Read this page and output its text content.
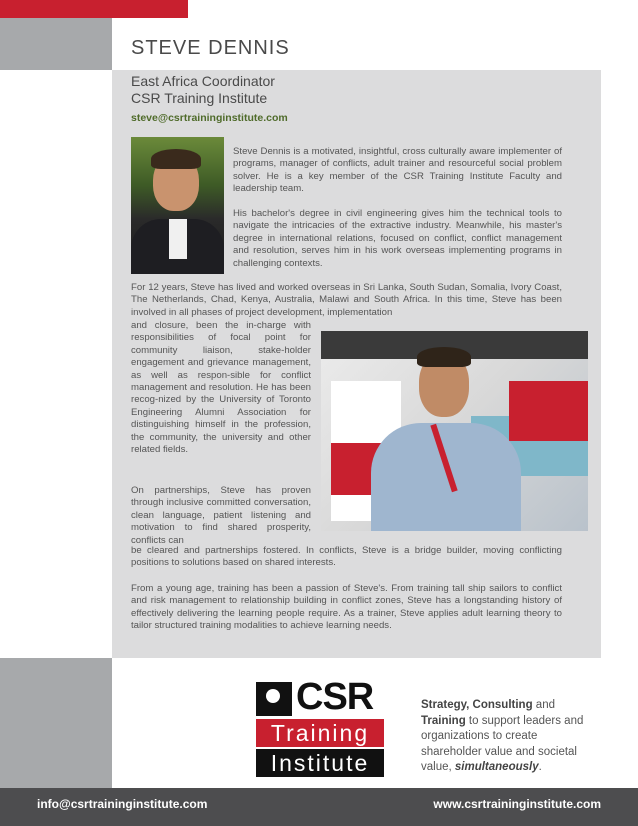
STEVE DENNIS
East Africa Coordinator
CSR Training Institute
steve@csrtraininginstitute.com

Steve Dennis is a motivated, insightful, cross culturally aware implementer of programs, manager of conflicts, adult trainer and resourceful social problem solver. He is a key member of the CSR Training Institute Faculty and leadership team.

His bachelor's degree in civil engineering gives him the technical tools to navigate the intricacies of the extractive industry. Meanwhile, his master's degree in international relations, focused on conflict, conflict management and resolution, serves him in his work overseas implementing programs in challenging contexts.

For 12 years, Steve has lived and worked overseas in Sri Lanka, South Sudan, Somalia, Ivory Coast, The Netherlands, Chad, Kenya, Australia, Malawi and South Africa. In this time, Steve has been involved in all phases of project development, implementation

and closure, been the in-charge with responsibilities of focal point for community liaison, stake-holder engagement and grievance management, as well as respon-sible for conflict management and resolution. He has been recog-nized by the University of Toronto Engineering Alumni Association for distinguishing himself in the profession, the community, the university and other related fields.

On partnerships, Steve has proven through inclusive committed conversation, clean language, patient listening and motivation to find shared prosperity, conflicts can

be cleared and partnerships fostered. In conflicts, Steve is a bridge builder, moving conflicting positions to solutions based on shared interests.

From a young age, training has been a passion of Steve's. From training tall ship sailors to conflict and risk management to relationship building in conflict zones, Steve has a longstanding history of effectively delivering the learning people require. As a trainer, Steve applies adult learning theory to tailor structured training modalities to achieve learning needs.

CSR
Training
Institute

Strategy, Consulting and Training to support leaders and organizations to create shareholder value and societal value, simultaneously.

info@csrtraininginstitute.com	www.csrtraininginstitute.com
